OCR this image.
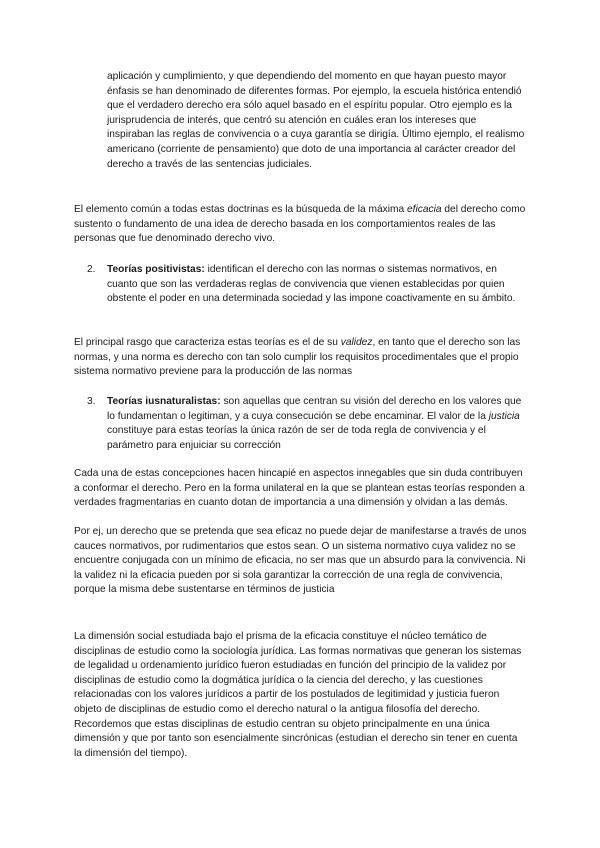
aplicación y cumplimiento, y que dependiendo del momento en que hayan puesto mayor énfasis se han denominado de diferentes formas. Por ejemplo, la escuela histórica entendió que el verdadero derecho era sólo aquel basado en el espíritu popular. Otro ejemplo es la jurisprudencia de interés, que centró su atención en cuáles eran los intereses que inspiraban las reglas de convivencia o a cuya garantía se dirigía. Último ejemplo, el realismo americano (corriente de pensamiento) que doto de una importancia al carácter creador del derecho a través de las sentencias judiciales.

El elemento común a todas estas doctrinas es la búsqueda de la máxima eficacia del derecho como sustento o fundamento de una idea de derecho basada en los comportamientos reales de las personas que fue denominado derecho vivo.

2. Teorías positivistas: identifican el derecho con las normas o sistemas normativos, en cuanto que son las verdaderas reglas de convivencia que vienen establecidas por quien obstente el poder en una determinada sociedad y las impone coactivamente en su ámbito.

El principal rasgo que caracteriza estas teorías es el de su validez, en tanto que el derecho son las normas, y una norma es derecho con tan solo cumplir los requisitos procedimentales que el propio sistema normativo previene para la producción de las normas

3. Teorías iusnaturalistas: son aquellas que centran su visión del derecho en los valores que lo fundamentan o legitiman, y a cuya consecución se debe encaminar. El valor de la justicia constituye para estas teorías la única razón de ser de toda regla de convivencia y el parámetro para enjuiciar su corrección

Cada una de estas concepciones hacen hincapié en aspectos innegables que sin duda contribuyen a conformar el derecho. Pero en la forma unilateral en la que se plantean estas teorías responden a verdades fragmentarias en cuanto dotan de importancia a una dimensión y olvidan a las demás.

Por ej, un derecho que se pretenda que sea eficaz no puede dejar de manifestarse a través de unos cauces normativos, por rudimentarios que estos sean. O un sistema normativo cuya validez no se encuentre conjugada con un mínimo de eficacia, no ser mas que un absurdo para la convivencia. Ni la validez ni la eficacia pueden por si sola garantizar la corrección de una regla de convivencia, porque la misma debe sustentarse en términos de justicia

La dimensión social estudiada bajo el prisma de la eficacia constituye el núcleo temático de disciplinas de estudio como la sociología jurídica. Las formas normativas que generan los sistemas de legalidad u ordenamiento jurídico fueron estudiadas en función del principio de la validez por disciplinas de estudio como la dogmática jurídica o la ciencia del derecho, y las cuestiones relacionadas con los valores jurídicos a partir de los postulados de legitimidad y justicia fueron objeto de disciplinas de estudio como el derecho natural o la antigua filosofía del derecho. Recordemos que estas disciplinas de estudio centran su objeto principalmente en una única dimensión y que por tanto son esencialmente sincrónicas (estudian el derecho sin tener en cuenta la dimensión del tiempo).
